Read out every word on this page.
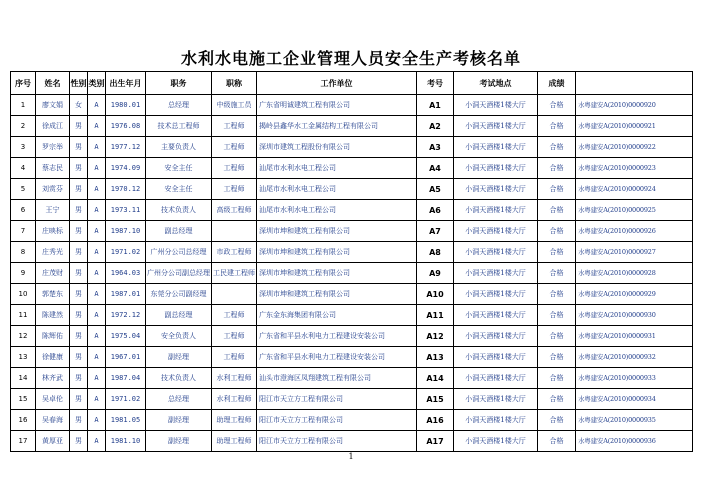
水利水电施工企业管理人员安全生产考核名单
序号	姓名	性别	类别	出生年月	职务	职称	工作单位	考号	考试地点	成绩	
1	廖文娟	女	A	1980.01	总经理	中级施工员	广东省明诚建筑工程有限公司	A1	小洞天酒楼1楼大厅	合格	水粤建安A(2010)0000920
2	徐成江	男	A	1976.08	技术总工程师	工程师	揭岭县鑫华水工金属结构工程有限公司	A2	小洞天酒楼1楼大厅	合格	水粤建安A(2010)0000921
3	罗宗举	男	A	1977.12	主要负责人	工程师	深圳市建筑工程股份有限公司	A3	小洞天酒楼1楼大厅	合格	水粤建安A(2010)0000922
4	蔡志民	男	A	1974.09	安全主任	工程师	汕尾市水利水电工程公司	A4	小洞天酒楼1楼大厅	合格	水粤建安A(2010)0000923
5	刘赏芬	男	A	1970.12	安全主任	工程师	汕尾市水利水电工程公司	A5	小洞天酒楼1楼大厅	合格	水粤建安A(2010)0000924
6	王宁	男	A	1973.11	技术负责人	高级工程师	汕尾市水利水电工程公司	A6	小洞天酒楼1楼大厅	合格	水粤建安A(2010)0000925
7	庄映标	男	A	1987.10	副总经理		深圳市坤和建筑工程有限公司	A7	小洞天酒楼1楼大厅	合格	水粤建安A(2010)0000926
8	庄秀光	男	A	1971.02	广州分公司总经理	市政工程师	深圳市坤和建筑工程有限公司	A8	小洞天酒楼1楼大厅	合格	水粤建安A(2010)0000927
9	庄茂财	男	A	1964.03	广州分公司副总经理	工民建工程师	深圳市坤和建筑工程有限公司	A9	小洞天酒楼1楼大厅	合格	水粤建安A(2010)0000928
10	郭楚东	男	A	1987.01	东莞分公司副经理		深圳市坤和建筑工程有限公司	A10	小洞天酒楼1楼大厅	合格	水粤建安A(2010)0000929
11	陈建然	男	A	1972.12	副总经理	工程师	广东金东海集团有限公司	A11	小洞天酒楼1楼大厅	合格	水粤建安A(2010)0000930
12	陈辉佑	男	A	1975.04	安全负责人	工程师	广东省和平县水利电力工程建设安装公司	A12	小洞天酒楼1楼大厅	合格	水粤建安A(2010)0000931
13	徐健康	男	A	1967.01	副经理	工程师	广东省和平县水利电力工程建设安装公司	A13	小洞天酒楼1楼大厅	合格	水粤建安A(2010)0000932
14	林齐武	男	A	1987.04	技术负责人	水利工程师	汕头市澄海区凤翔建筑工程有限公司	A14	小洞天酒楼1楼大厅	合格	水粤建安A(2010)0000933
15	吴卓伦	男	A	1971.02	总经理	水利工程师	阳江市天立方工程有限公司	A15	小洞天酒楼1楼大厅	合格	水粤建安A(2010)0000934
16	吴春海	男	A	1981.05	副经理	助理工程师	阳江市天立方工程有限公司	A16	小洞天酒楼1楼大厅	合格	水粤建安A(2010)0000935
17	黄厚亚	男	A	1981.10	副经理	助理工程师	阳江市天立方工程有限公司	A17	小洞天酒楼1楼大厅	合格	水粤建安A(2010)0000936
1
